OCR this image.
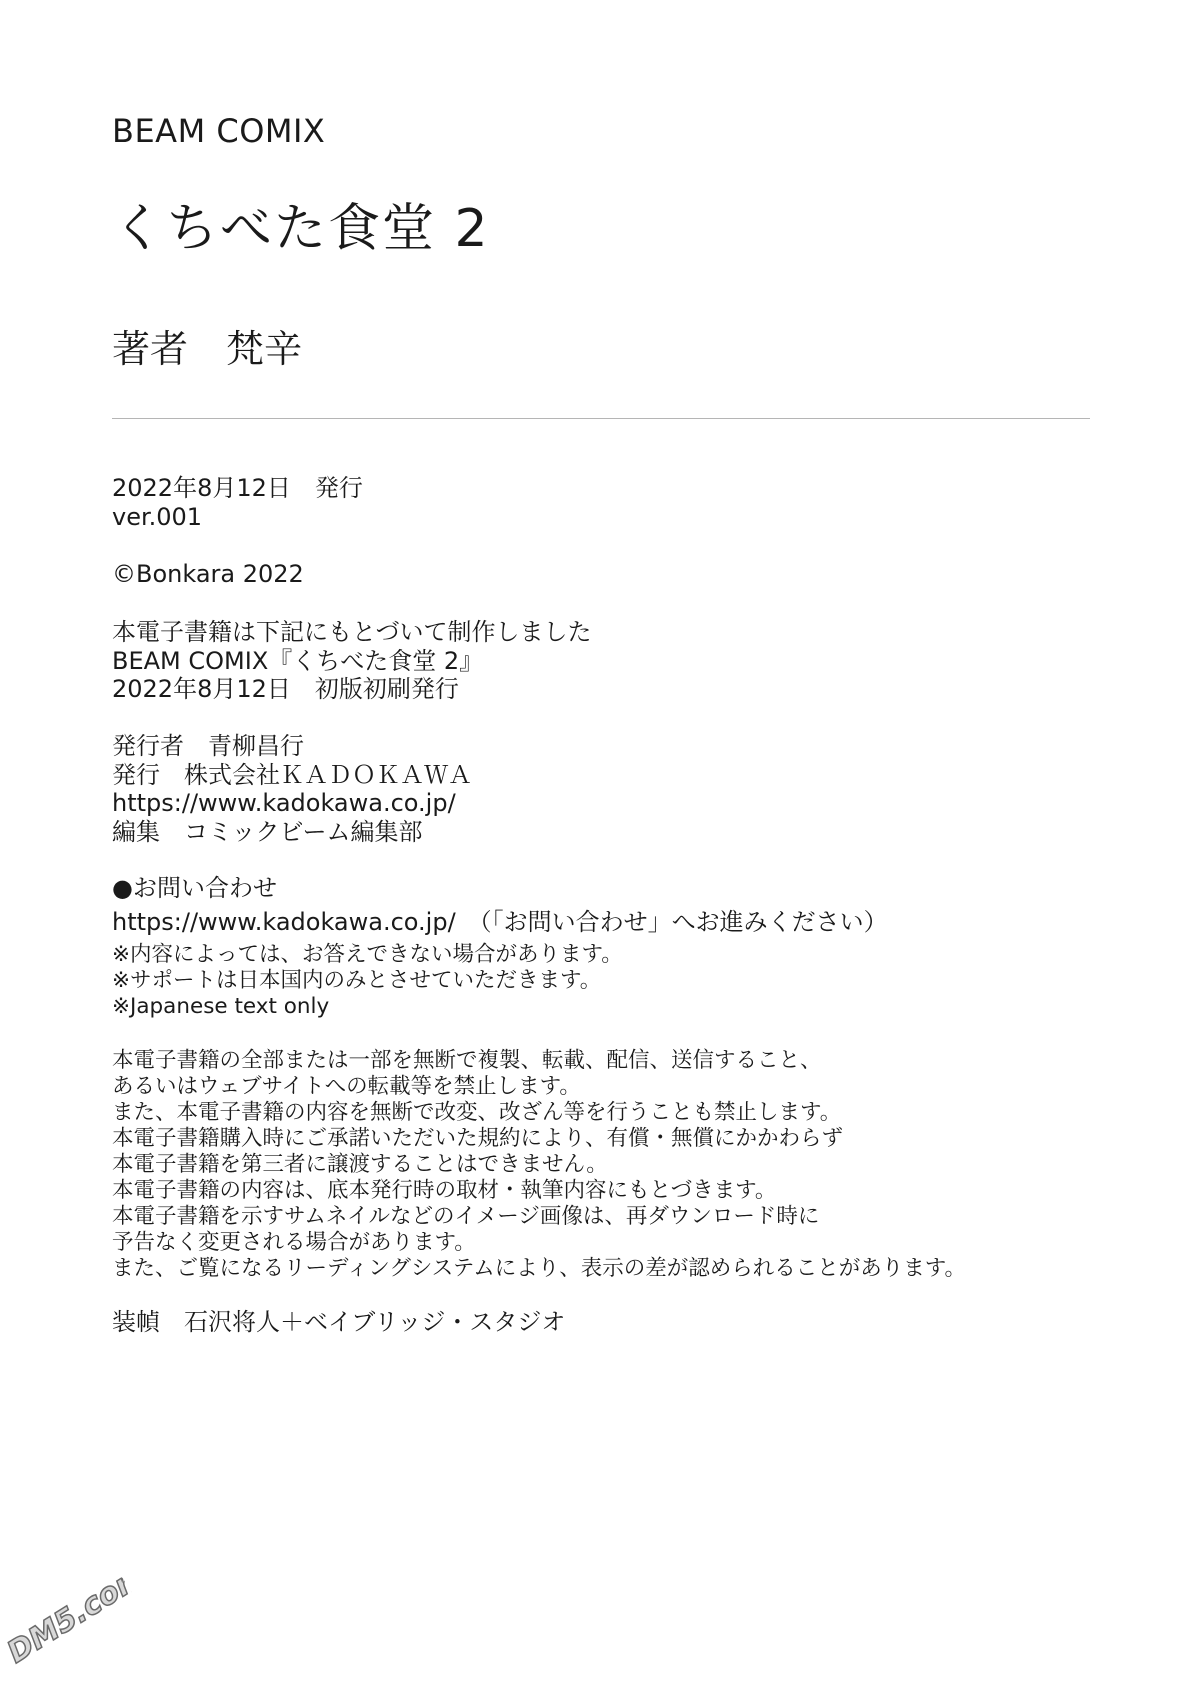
BEAM COMIX

くちべた食堂 2

著者　梵辛

2022年8月12日　発行
ver.001

©Bonkara 2022

本電子書籍は下記にもとづいて制作しました
BEAM COMIX『くちべた食堂 2』
2022年8月12日　初版初刷発行
発行者　青柳昌行
発行　株式会社ＫＡＤＯＫＡＷＡ
https://www.kadokawa.co.jp/
編集　コミックビーム編集部

●お問い合わせ

https://www.kadokawa.co.jp/　（「お問い合わせ」へお進みください）

※内容によっては、お答えできない場合があります。
※サポートは日本国内のみとさせていただきます。
※Japanese text only
本電子書籍の全部または一部を無断で複製、転載、配信、送信すること、
あるいはウェブサイトへの転載等を禁止します。
また、本電子書籍の内容を無断で改変、改ざん等を行うことも禁止します。
本電子書籍購入時にご承諾いただいた規約により、有償・無償にかかわらず
本電子書籍を第三者に譲渡することはできません。
本電子書籍の内容は、底本発行時の取材・執筆内容にもとづきます。
本電子書籍を示すサムネイルなどのイメージ画像は、再ダウンロード時に
予告なく変更される場合があります。
また、ご覧になるリーディングシステムにより、表示の差が認められることがあります。

装幀　石沢将人＋ベイブリッジ・スタジオ

DM5.com
